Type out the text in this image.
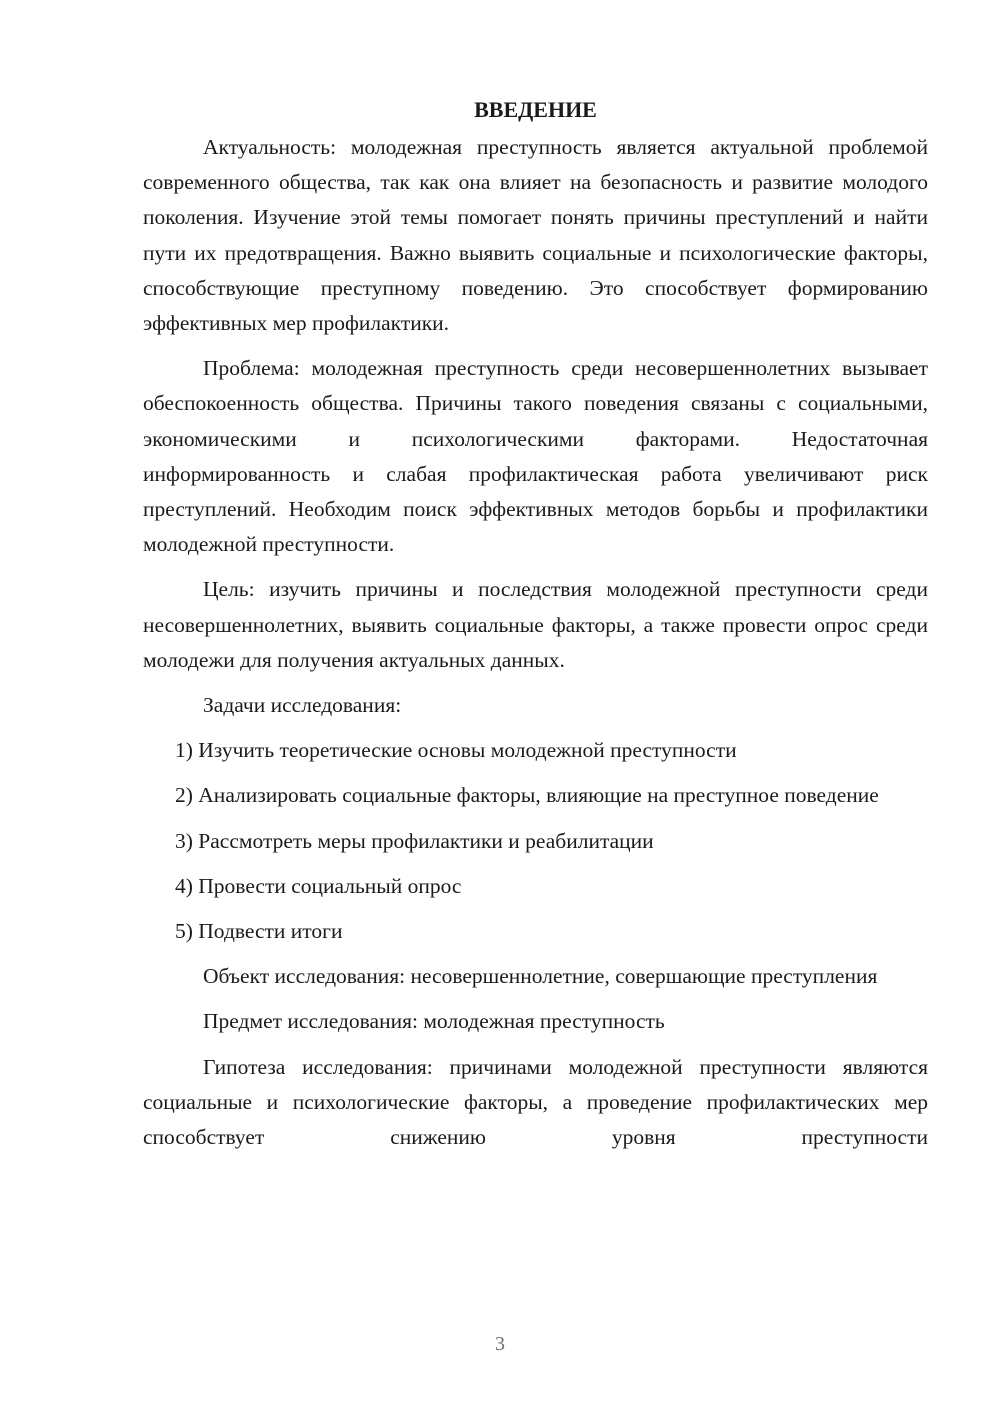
ВВЕДЕНИЕ

Актуальность: молодежная преступность является актуальной проблемой современного общества, так как она влияет на безопасность и развитие молодого поколения. Изучение этой темы помогает понять причины преступлений и найти пути их предотвращения. Важно выявить социальные и психологические факторы, способствующие преступному поведению. Это способствует формированию эффективных мер профилактики.

Проблема: молодежная преступность среди несовершеннолетних вызывает обеспокоенность общества. Причины такого поведения связаны с социальными, экономическими и психологическими факторами. Недостаточная информированность и слабая профилактическая работа увеличивают риск преступлений. Необходим поиск эффективных методов борьбы и профилактики молодежной преступности.

Цель: изучить причины и последствия молодежной преступности среди несовершеннолетних, выявить социальные факторы, а также провести опрос среди молодежи для получения актуальных данных.

Задачи исследования:

1) Изучить теоретические основы молодежной преступности

2) Анализировать социальные факторы, влияющие на преступное поведение

3) Рассмотреть меры профилактики и реабилитации

4) Провести социальный опрос

5) Подвести итоги

Объект исследования: несовершеннолетние, совершающие преступления

Предмет исследования: молодежная преступность

Гипотеза исследования: причинами молодежной преступности являются социальные и психологические факторы, а проведение профилактических мер способствует снижению уровня преступности

3
